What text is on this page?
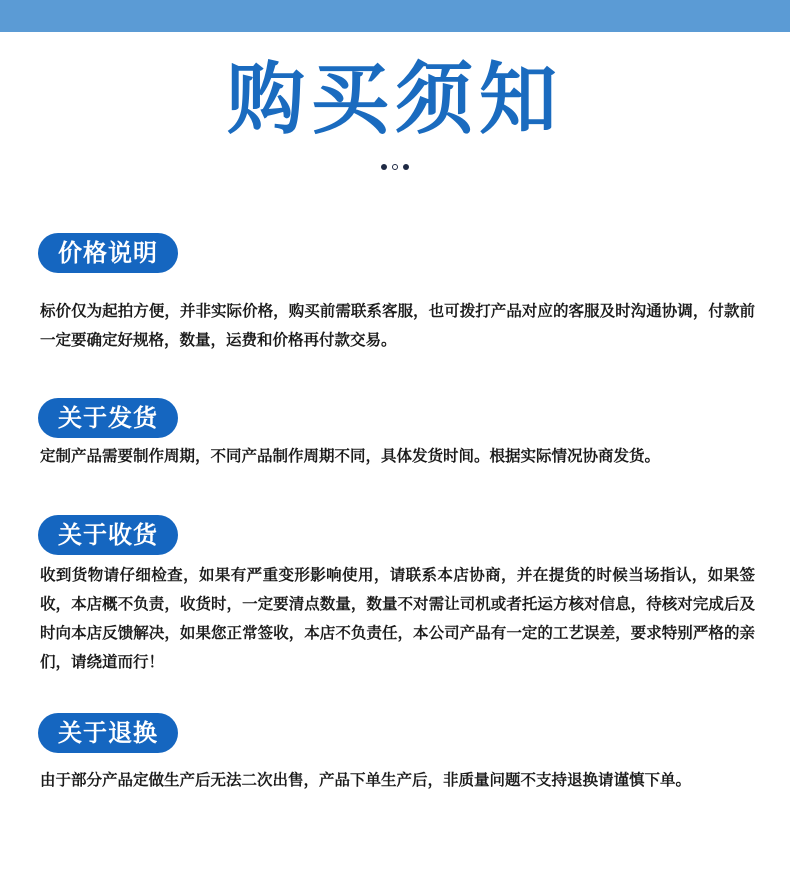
购买须知
价格说明

标价仅为起拍方便，并非实际价格，购买前需联系客服，也可拨打产品对应的客服及时沟通协调，付款前一定要确定好规格，数量，运费和价格再付款交易。

关于发货

定制产品需要制作周期，不同产品制作周期不同，具体发货时间。根据实际情况协商发货。

关于收货

收到货物请仔细检查，如果有严重变形影响使用，请联系本店协商，并在提货的时候当场指认，如果签收，本店概不负责，收货时，一定要清点数量，数量不对需让司机或者托运方核对信息，待核对完成后及时向本店反馈解决，如果您正常签收，本店不负责任，本公司产品有一定的工艺误差，要求特别严格的亲们，请绕道而行！

关于退换

由于部分产品定做生产后无法二次出售，产品下单生产后，非质量问题不支持退换请谨慎下单。
